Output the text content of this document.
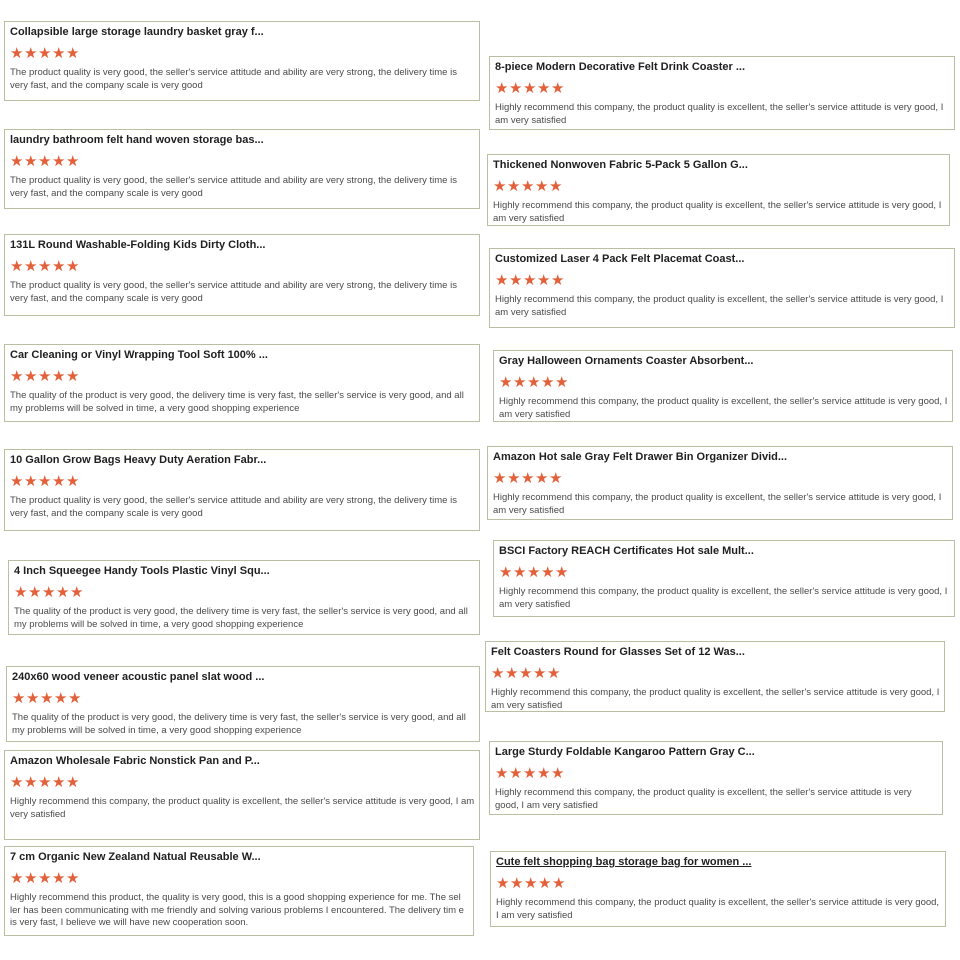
Collapsible large storage laundry basket gray f...
★★★★★
The product quality is very good, the seller's service attitude and ability are very strong, the delivery time is very fast, and the company scale is very good
laundry bathroom felt hand woven storage bas...
★★★★★
The product quality is very good, the seller's service attitude and ability are very strong, the delivery time is very fast, and the company scale is very good
131L Round Washable-Folding Kids Dirty Cloth...
★★★★★
The product quality is very good, the seller's service attitude and ability are very strong, the delivery time is very fast, and the company scale is very good
Car Cleaning or Vinyl Wrapping Tool Soft 100% ...
★★★★★
The quality of the product is very good, the delivery time is very fast, the seller's service is very good, and all my problems will be solved in time, a very good shopping experience
10 Gallon Grow Bags Heavy Duty Aeration Fabr...
★★★★★
The product quality is very good, the seller's service attitude and ability are very strong, the delivery time is very fast, and the company scale is very good
4 Inch Squeegee Handy Tools Plastic Vinyl Squ...
★★★★★
The quality of the product is very good, the delivery time is very fast, the seller's service is very good, and all my problems will be solved in time, a very good shopping experience
240x60 wood veneer acoustic panel slat wood ...
★★★★★
The quality of the product is very good, the delivery time is very fast, the seller's service is very good, and all my problems will be solved in time, a very good shopping experience
Amazon Wholesale Fabric Nonstick Pan and P...
★★★★★
Highly recommend this company, the product quality is excellent, the seller's service attitude is very good, I am very satisfied
7 cm Organic New Zealand Natual Reusable W...
★★★★★
Highly recommend this product, the quality is very good, this is a good shopping experience for me. The sel ler has been communicating with me friendly and solving various problems I encountered. The delivery tim e is very fast, I believe we will have new cooperation soon.
8-piece Modern Decorative Felt Drink Coaster ...
★★★★★
Highly recommend this company, the product quality is excellent, the seller's service attitude is very good, I am very satisfied
Thickened Nonwoven Fabric 5-Pack 5 Gallon G...
★★★★★
Highly recommend this company, the product quality is excellent, the seller's service attitude is very good, I am very satisfied
Customized Laser 4 Pack Felt Placemat Coast...
★★★★★
Highly recommend this company, the product quality is excellent, the seller's service attitude is very good, I am very satisfied
Gray Halloween Ornaments Coaster Absorbent...
★★★★★
Highly recommend this company, the product quality is excellent, the seller's service attitude is very good, I am very satisfied
Amazon Hot sale Gray Felt Drawer Bin Organizer Divid...
★★★★★
Highly recommend this company, the product quality is excellent, the seller's service attitude is very good, I am very satisfied
BSCI Factory REACH Certificates Hot sale Mult...
★★★★★
Highly recommend this company, the product quality is excellent, the seller's service attitude is very good, I am very satisfied
Felt Coasters Round for Glasses Set of 12 Was...
★★★★★
Highly recommend this company, the product quality is excellent, the seller's service attitude is very good, I am very satisfied
Large Sturdy Foldable Kangaroo Pattern Gray C...
★★★★★
Highly recommend this company, the product quality is excellent, the seller's service attitude is very good, I am very satisfied
Cute felt shopping bag storage bag for women ...
★★★★★
Highly recommend this company, the product quality is excellent, the seller's service attitude is very good, I am very satisfied
